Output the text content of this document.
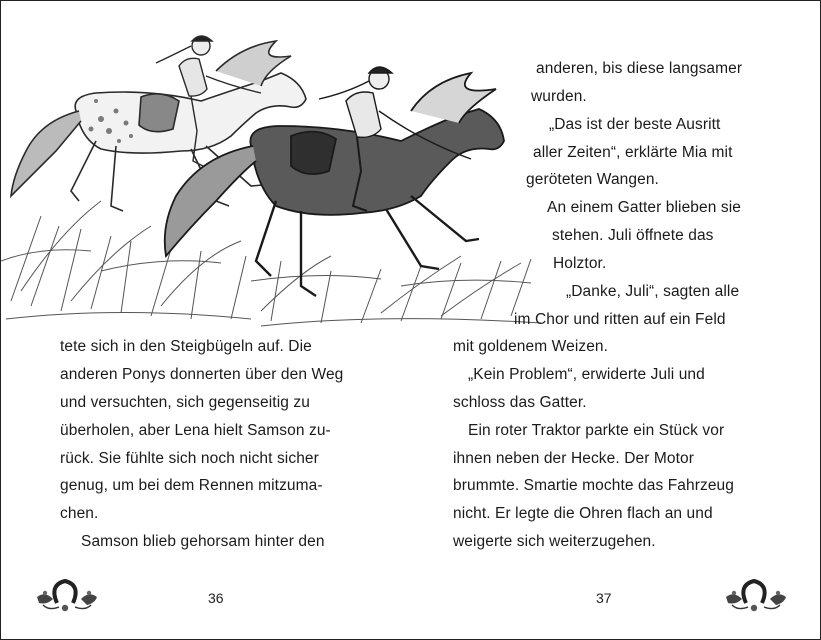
tete sich in den Steigbügeln auf. Die
anderen Ponys donnerten über den Weg
und versuchten, sich gegenseitig zu
überholen, aber Lena hielt Samson zu-
rück. Sie fühlte sich noch nicht sicher
genug, um bei dem Rennen mitzuma-
chen.
Samson blieb gehorsam hinter den
anderen, bis diese langsamer
wurden.
„Das ist der beste Ausritt
aller Zeiten“, erklärte Mia mit
geröteten Wangen.
An einem Gatter blieben sie
stehen. Juli öffnete das
Holztor.
„Danke, Juli“, sagten alle
im Chor und ritten auf ein Feld
mit goldenem Weizen.
„Kein Problem“, erwiderte Juli und
schloss das Gatter.
Ein roter Traktor parkte ein Stück vor
ihnen neben der Hecke. Der Motor
brummte. Smartie mochte das Fahrzeug
nicht. Er legte die Ohren flach an und
weigerte sich weiterzugehen.
36	37
